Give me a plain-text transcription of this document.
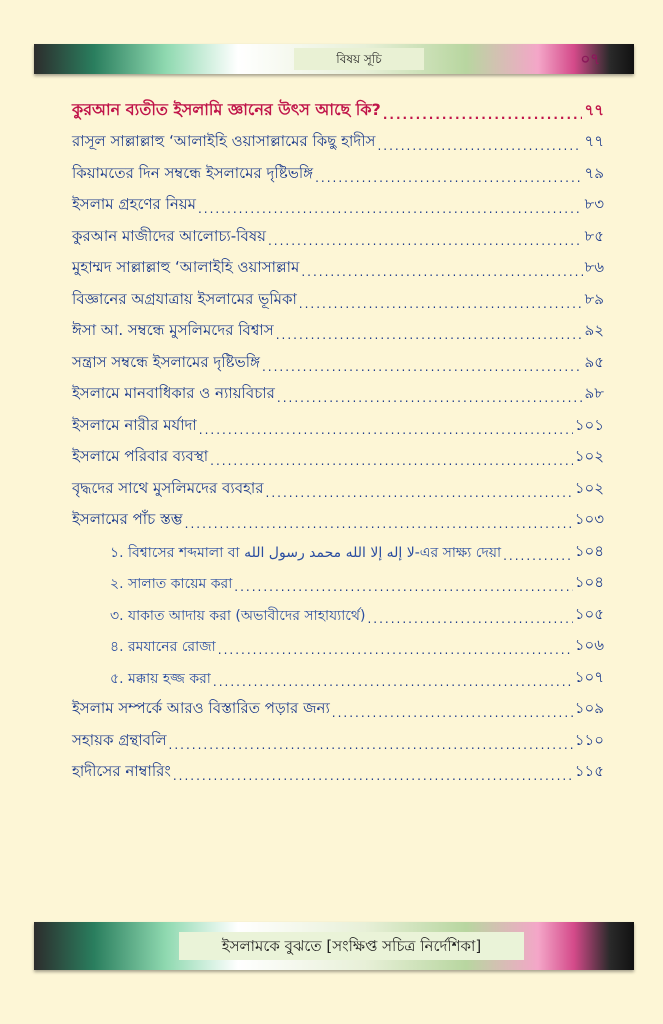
বিষয় সূচি	০৭
কুরআন ব্যতীত ইসলামি জ্ঞানের উৎস আছে কি? .....	৭৭
রাসূল সাল্লাল্লাহু ‘আলাইহি ওয়াসাল্লামের কিছু হাদীস .....	৭৭
কিয়ামতের দিন সম্বন্ধে ইসলামের দৃষ্টিভঙ্গি .....	৭৯
ইসলাম গ্রহণের নিয়ম .....	৮৩
কুরআন মাজীদের আলোচ্য-বিষয় .....	৮৫
মুহাম্মদ সাল্লাল্লাহু ‘আলাইহি ওয়াসাল্লাম .....	৮৬
বিজ্ঞানের অগ্রযাত্রায় ইসলামের ভূমিকা .....	৮৯
ঈসা আ. সম্বন্ধে মুসলিমদের বিশ্বাস .....	৯২
সন্ত্রাস সম্বন্ধে ইসলামের দৃষ্টিভঙ্গি .....	৯৫
ইসলামে মানবাধিকার ও ন্যায়বিচার .....	৯৮
ইসলামে নারীর মর্যাদা .....	১০১
ইসলামে পরিবার ব্যবস্থা .....	১০২
বৃদ্ধদের সাথে মুসলিমদের ব্যবহার .....	১০২
ইসলামের পাঁচ স্তম্ভ .....	১০৩
১. বিশ্বাসের শব্দমালা বা لا إله إلا الله محمد رسول الله-এর সাক্ষ্য দেয়া .....	১০৪
২. সালাত কায়েম করা .....	১০৪
৩. যাকাত আদায় করা (অভাবীদের সাহায্যার্থে) .....	১০৫
৪. রমযানের রোজা .....	১০৬
৫. মক্কায় হজ্জ করা .....	১০৭
ইসলাম সম্পর্কে আরও বিস্তারিত পড়ার জন্য .....	১০৯
সহায়ক গ্রন্থাবলি .....	১১০
হাদীসের নাম্বারিং .....	১১৫
ইসলামকে বুঝতে [সংক্ষিপ্ত সচিত্র নির্দেশিকা]
